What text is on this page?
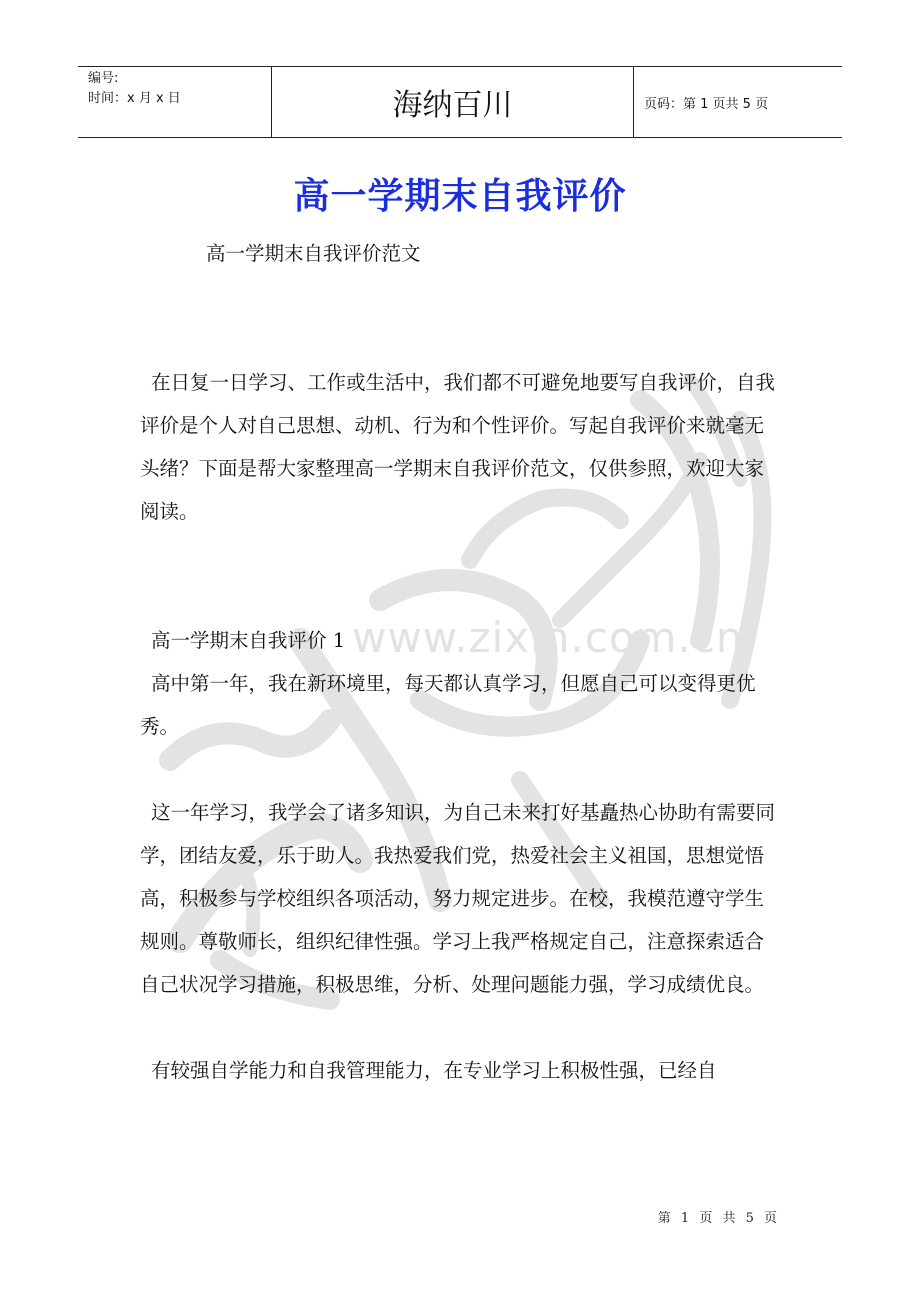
www.zixin.com.cn
编号:
时间：x 月 x 日	海纳百川	页码：第 1 页共 5 页
高一学期末自我评价

高一学期末自我评价范文

在日复一日学习、工作或生活中，我们都不可避免地要写自我评价，自我评价是个人对自己思想、动机、行为和个性评价。写起自我评价来就毫无头绪？下面是帮大家整理高一学期末自我评价范文，仅供参照，欢迎大家阅读。

高一学期末自我评价 1

高中第一年，我在新环境里，每天都认真学习，但愿自己可以变得更优秀。

这一年学习，我学会了诸多知识，为自己未来打好基矗热心协助有需要同学，团结友爱，乐于助人。我热爱我们党，热爱社会主义祖国，思想觉悟高，积极参与学校组织各项活动，努力规定进步。在校，我模范遵守学生规则。尊敬师长，组织纪律性强。学习上我严格规定自己，注意探索适合自己状况学习措施，积极思维，分析、处理问题能力强，学习成绩优良。

有较强自学能力和自我管理能力，在专业学习上积极性强，已经自

第 1 页 共 5 页
